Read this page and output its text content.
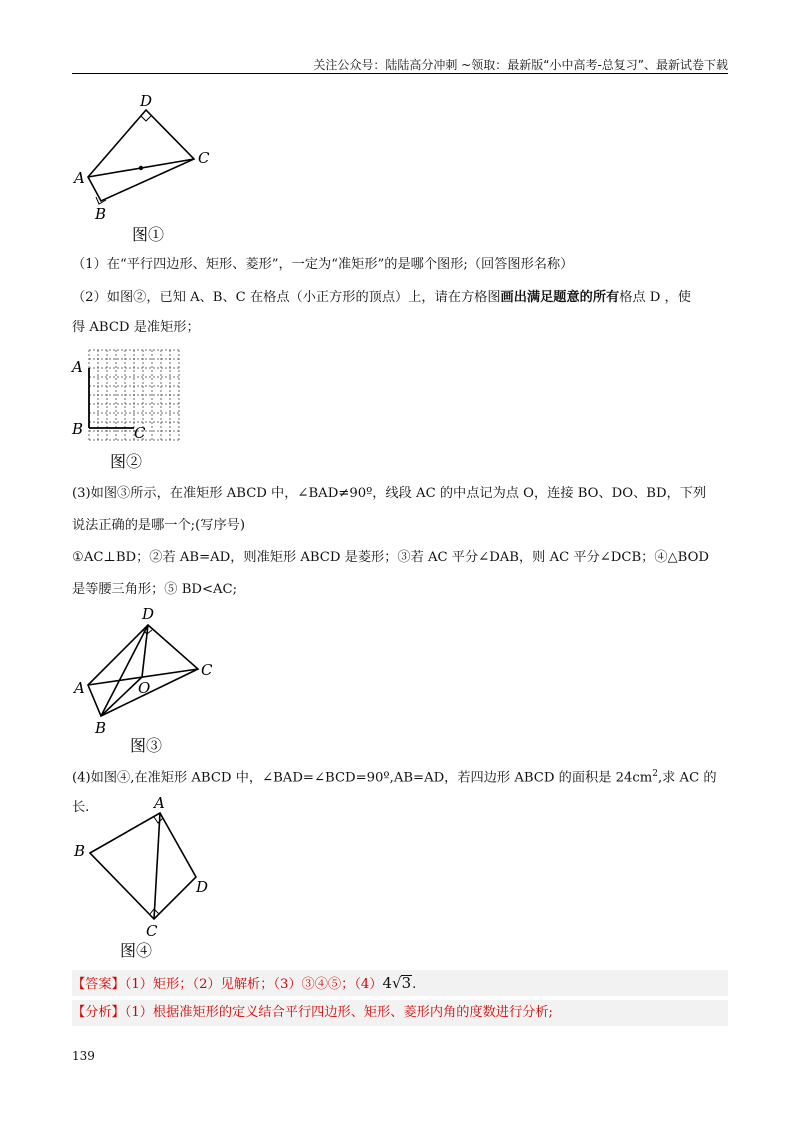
关注公众号：陆陆高分冲刺 ~领取：最新版“小中高考-总复习”、最新试卷下载
D
C
A
B
图①
（1）在“平行四边形、矩形、菱形”，一定为“准矩形”的是哪个图形;（回答图形名称）
（2）如图②，已知 A、B、C 在格点（小正方形的顶点）上，请在方格图画出满足题意的所有格点 D ，使
得 ABCD 是准矩形；
A
B	C
图②
(3)如图③所示，在准矩形 ABCD 中，∠BAD≠90º，线段 AC 的中点记为点 O，连接 BO、DO、BD，下列
说法正确的是哪一个;(写序号)
①AC⊥BD；②若 AB=AD，则准矩形 ABCD 是菱形；③若 AC 平分∠DAB，则 AC 平分∠DCB；④△BOD
是等腰三角形；⑤ BD<AC;
D
C
A	O
B
图③
(4)如图④,在准矩形 ABCD 中，∠BAD=∠BCD=90º,AB=AD，若四边形 ABCD 的面积是 $24cm^2$,求 AC 的长.	A
B
D
C
图④
【答案】（1）矩形；（2）见解析；（3）③④⑤；（4）4√3.
【分析】（1）根据准矩形的定义结合平行四边形、矩形、菱形内角的度数进行分析;
139
